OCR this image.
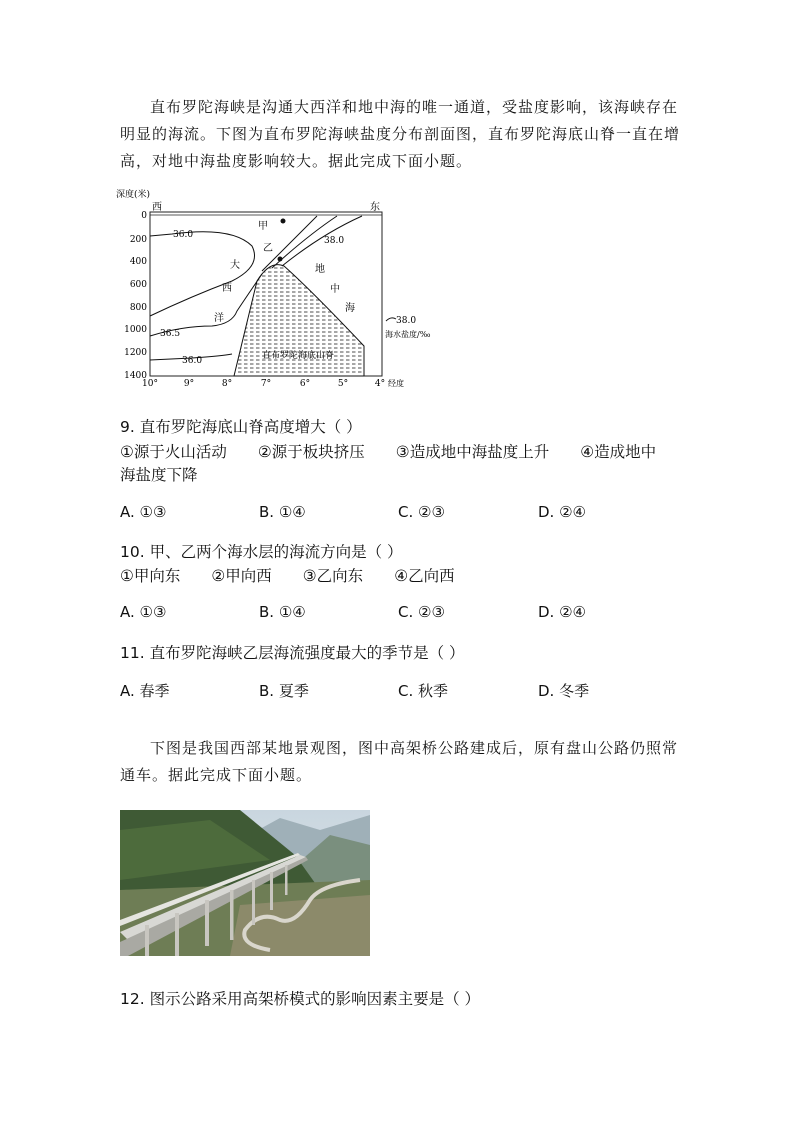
直布罗陀海峡是沟通大西洋和地中海的唯一通道，受盐度影响，该海峡存在
明显的海流。下图为直布罗陀海峡盐度分布剖面图，直布罗陀海底山脊一直在增
高，对地中海盐度影响较大。据此完成下面小题。
深度(米)
西	东
0
200
400
600
800
1000
1200
1400
10°	9°	8°	7°	6°	5°	4° 经度
直布罗陀海底山脊
36.0
38.0
36.5
36.0
甲
乙
大
西
洋
地
中
海
38.0
海水盐度/‰
9. 直布罗陀海底山脊高度增大（ ）
①源于火山活动　　②源于板块挤压　　③造成地中海盐度上升　　④造成地中
海盐度下降
A. ①③	B. ①④	C. ②③	D. ②④
10. 甲、乙两个海水层的海流方向是（ ）
①甲向东　　②甲向西　　③乙向东　　④乙向西
A. ①③	B. ①④	C. ②③	D. ②④
11. 直布罗陀海峡乙层海流强度最大的季节是（ ）
A. 春季	B. 夏季	C. 秋季	D. 冬季
下图是我国西部某地景观图，图中高架桥公路建成后，原有盘山公路仍照常
通车。据此完成下面小题。
12. 图示公路采用高架桥模式的影响因素主要是（ ）
